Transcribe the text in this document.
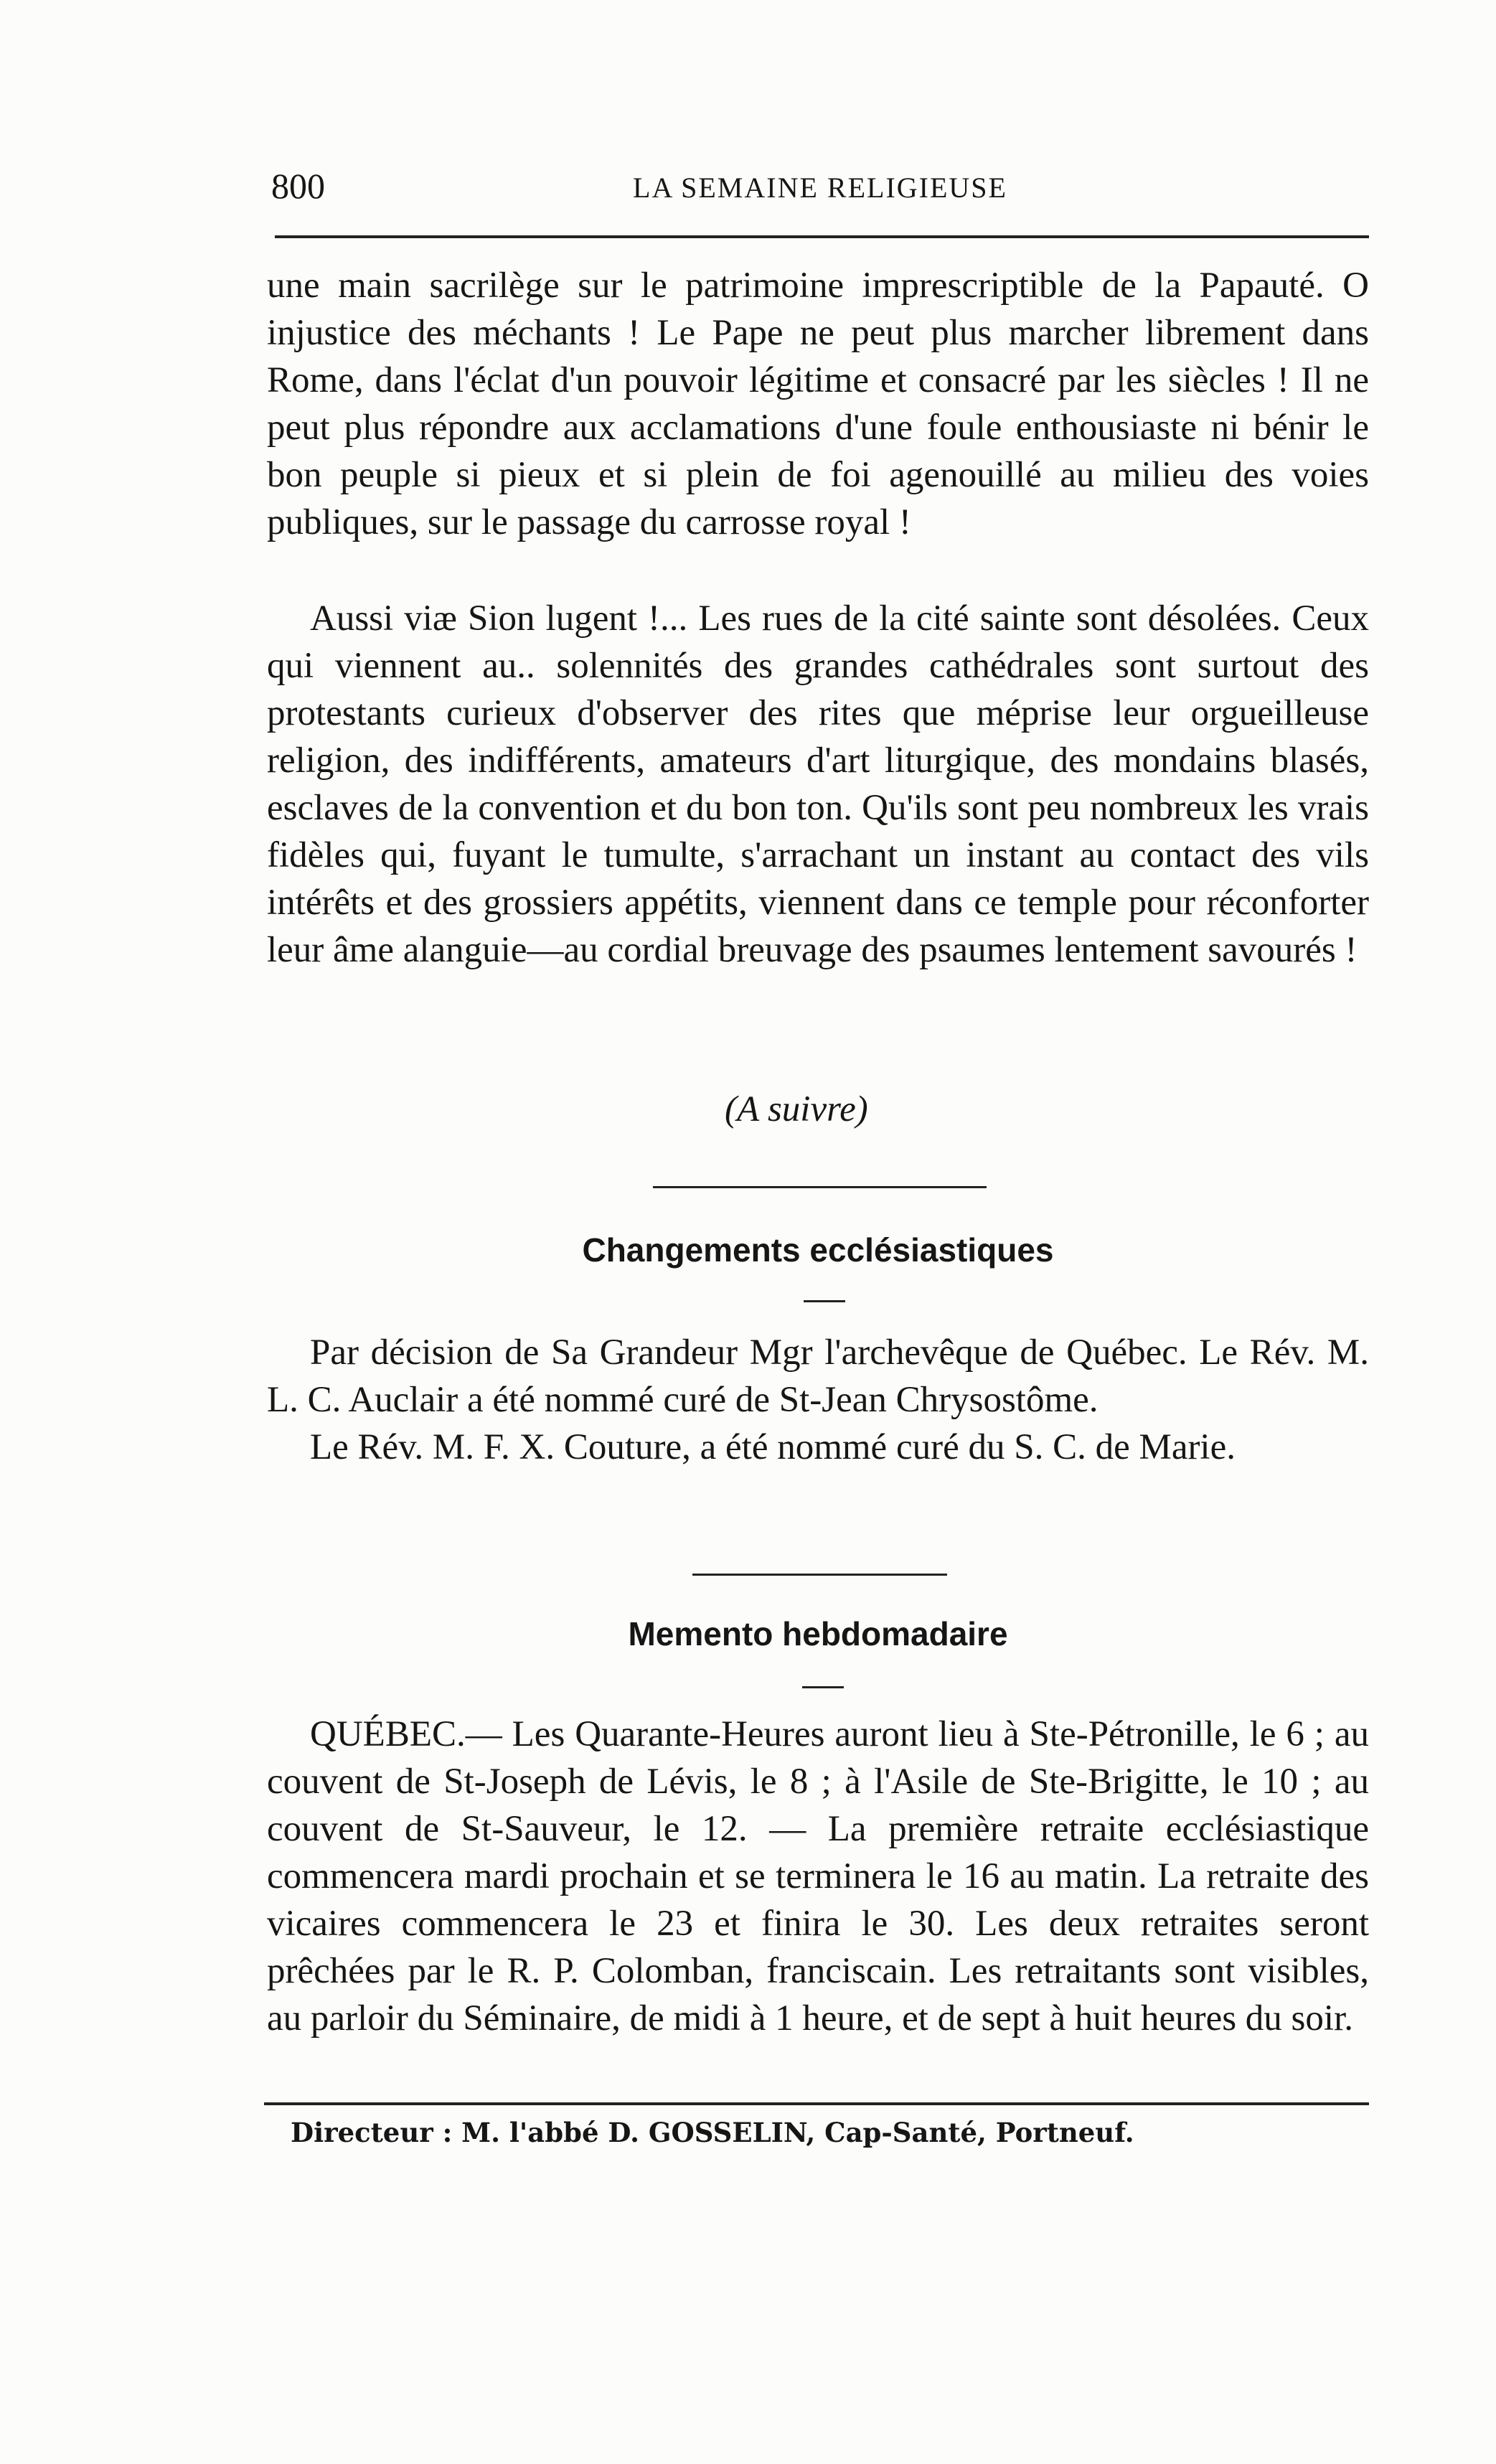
800	LA SEMAINE RELIGIEUSE

une main sacrilège sur le patrimoine imprescriptible de la Papauté. O injustice des méchants ! Le Pape ne peut plus marcher librement dans Rome, dans l'éclat d'un pouvoir légitime et consacré par les siècles ! Il ne peut plus répondre aux acclamations d'une foule enthousiaste ni bénir le bon peuple si pieux et si plein de foi agenouillé au milieu des voies publiques, sur le passage du carrosse royal !

Aussi viæ Sion lugent !... Les rues de la cité sainte sont désolées. Ceux qui viennent au.. solennités des grandes cathédrales sont surtout des protestants curieux d'observer des rites que méprise leur orgueilleuse religion, des indifférents, amateurs d'art liturgique, des mondains blasés, esclaves de la convention et du bon ton. Qu'ils sont peu nombreux les vrais fidèles qui, fuyant le tumulte, s'arrachant un instant au contact des vils intérêts et des grossiers appétits, viennent dans ce temple pour réconforter leur âme alanguie—au cordial breuvage des psaumes lentement savourés !

(A suivre)
Changements ecclésiastiques

Par décision de Sa Grandeur Mgr l'archevêque de Québec. Le Rév. M. L. C. Auclair a été nommé curé de St-Jean Chrysostôme.

Le Rév. M. F. X. Couture, a été nommé curé du S. C. de Marie.

Memento hebdomadaire

QUÉBEC.— Les Quarante-Heures auront lieu à Ste-Pétronille, le 6 ; au couvent de St-Joseph de Lévis, le 8 ; à l'Asile de Ste-Brigitte, le 10 ; au couvent de St-Sauveur, le 12. — La première retraite ecclésiastique commencera mardi prochain et se terminera le 16 au matin. La retraite des vicaires commencera le 23 et finira le 30. Les deux retraites seront prêchées par le R. P. Colomban, franciscain. Les retraitants sont visibles, au parloir du Séminaire, de midi à 1 heure, et de sept à huit heures du soir.

Directeur : M. l'abbé D. GOSSELIN, Cap-Santé, Portneuf.
